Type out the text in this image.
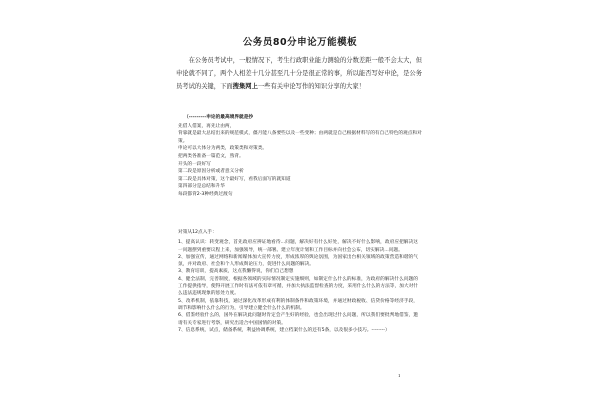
公务员80分申论万能模板

在公务员考试中，一般情况下，考生行政职业能力测验的分数差距一般不会太大，但申论就不同了，两个人相差十几分甚至几十分是很正常的事，所以能否写好申论，是公务员考试的关键，下面搜集网上一些有关申论写作的知识分享的大家！

（---------申论的最高境界就是抄
先借人借案，再先让由两，
背靠就是最大总结出来的规范模式，僵月能八条要些以及一些变种；由两就是自己根据材料写的有自己特色的观点和对策。
申论可以大体分为两类，政策类和对策类。
把两类各准备一篇范文，熟背。
开头的一段好写
第二段是原因分析或者意义分析
第二段是具体对策，这个最好写，看我后面写的就知道
第四部分是总结和升华
每段都背2-3种经典过渡句
对策从12点入手：
1、提高认识：转变观念，首先政府应辨证地看待...问题，解决好有什么好处，解决不好什么影响，政府应把解决这一问题摆到重要议程上来，加强领导，统一部署。建立年度计划和工作目标并向社会公布，切实解决...问题。
2、加强宣传，通过网络和新闻媒体加大宣传力度，形成浓厚的舆论氛围，为国家出台相关领域的政策营造和谐的气氛，并对政府、社会和个人形成舆论压力，促进什么问题的解决。
3、教育培训，提高素质，这点我懒得说，你们自己想想
4、健全法制，完善制度，根据各领域的实际情况制定实施细则，如制定什么什么的标准，为政府的解决什么问题的工作提供指导，使得开展工作时有法可依有章可循，并加大执法监督检查的力度，采用什么什么的方法等，加大对什么违法违规现象的惩处力度。
5、改革机制，依靠科技，通过深化改革形成有利的体制条件和政策环境，并通过财政税收、信贷价格等经济手段，调节和影响什么什么的行为，引导建立健全什么什么的机制。
6、借鉴经验什么的，国外在解决此问题时肯定会产生好的经验，也会出现过什么问题，所以我们要批判地借鉴，邀请有关专家进行考察，研究出适合中国国情的对策。
7、信息系统，试点，储备系统，利益协调系统，建立档案什么的还有5条，以及很多小技巧。--------）
1
